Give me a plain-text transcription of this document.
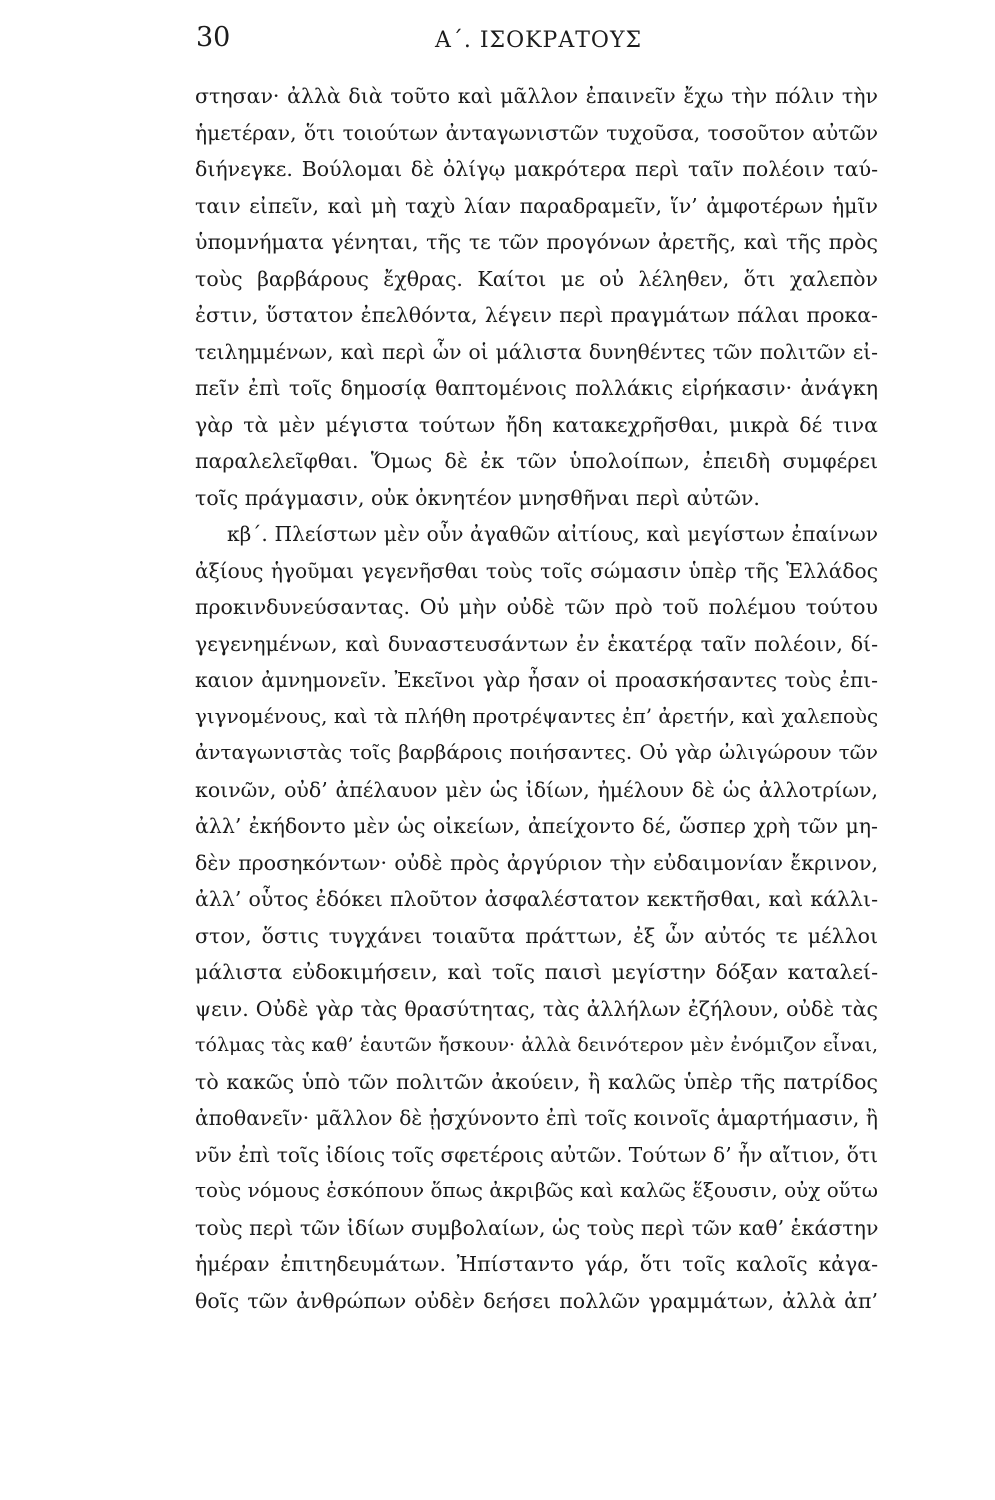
30	Α΄. ΙΣΟΚΡΑΤΟΥΣ
στησαν· ἀλλὰ διὰ τοῦτο καὶ μᾶλλον ἐπαινεῖν ἔχω τὴν πόλιν τὴν
ἡμετέραν, ὅτι τοιούτων ἀνταγωνιστῶν τυχοῦσα, τοσοῦτον αὐτῶν
διήνεγκε. Βούλομαι δὲ ὀλίγῳ μακρότερα περὶ ταῖν πολέοιν ταύ-
ταιν εἰπεῖν, καὶ μὴ ταχὺ λίαν παραδραμεῖν, ἵν’ ἀμφοτέρων ἡμῖν
ὑπομνήματα γένηται, τῆς τε τῶν προγόνων ἀρετῆς, καὶ τῆς πρὸς
τοὺς βαρβάρους ἔχθρας. Καίτοι με οὐ λέληθεν, ὅτι χαλεπὸν
ἐστιν, ὕστατον ἐπελθόντα, λέγειν περὶ πραγμάτων πάλαι προκα-
τειλημμένων, καὶ περὶ ὧν οἱ μάλιστα δυνηθέντες τῶν πολιτῶν εἰ-
πεῖν ἐπὶ τοῖς δημοσίᾳ θαπτομένοις πολλάκις εἰρήκασιν· ἀνάγκη
γὰρ τὰ μὲν μέγιστα τούτων ἤδη κατακεχρῆσθαι, μικρὰ δέ τινα
παραλελεῖφθαι. Ὅμως δὲ ἐκ τῶν ὑπολοίπων, ἐπειδὴ συμφέρει
τοῖς πράγμασιν, οὐκ ὀκνητέον μνησθῆναι περὶ αὐτῶν.
κβ΄. Πλείστων μὲν οὖν ἀγαθῶν αἰτίους, καὶ μεγίστων ἐπαίνων
ἀξίους ἡγοῦμαι γεγενῆσθαι τοὺς τοῖς σώμασιν ὑπὲρ τῆς Ἑλλάδος
προκινδυνεύσαντας. Οὐ μὴν οὐδὲ τῶν πρὸ τοῦ πολέμου τούτου
γεγενημένων, καὶ δυναστευσάντων ἐν ἑκατέρᾳ ταῖν πολέοιν, δί-
καιον ἀμνημονεῖν. Ἐκεῖνοι γὰρ ἦσαν οἱ προασκήσαντες τοὺς ἐπι-
γιγνομένους, καὶ τὰ πλήθη προτρέψαντες ἐπ’ ἀρετήν, καὶ χαλεποὺς
ἀνταγωνιστὰς τοῖς βαρβάροις ποιήσαντες. Οὐ γὰρ ὠλιγώρουν τῶν
κοινῶν, οὐδ’ ἀπέλαυον μὲν ὡς ἰδίων, ἠμέλουν δὲ ὡς ἀλλοτρίων,
ἀλλ’ ἐκήδοντο μὲν ὡς οἰκείων, ἀπείχοντο δέ, ὥσπερ χρὴ τῶν μη-
δὲν προσηκόντων· οὐδὲ πρὸς ἀργύριον τὴν εὐδαιμονίαν ἔκρινον,
ἀλλ’ οὗτος ἐδόκει πλοῦτον ἀσφαλέστατον κεκτῆσθαι, καὶ κάλλι-
στον, ὅστις τυγχάνει τοιαῦτα πράττων, ἐξ ὧν αὐτός τε μέλλοι
μάλιστα εὐδοκιμήσειν, καὶ τοῖς παισὶ μεγίστην δόξαν καταλεί-
ψειν. Οὐδὲ γὰρ τὰς θρασύτητας, τὰς ἀλλήλων ἐζήλουν, οὐδὲ τὰς
τόλμας τὰς καθ’ ἑαυτῶν ἤσκουν· ἀλλὰ δεινότερον μὲν ἐνόμιζον εἶναι,
τὸ κακῶς ὑπὸ τῶν πολιτῶν ἀκούειν, ἢ καλῶς ὑπὲρ τῆς πατρίδος
ἀποθανεῖν· μᾶλλον δὲ ᾐσχύνοντο ἐπὶ τοῖς κοινοῖς ἁμαρτήμασιν, ἢ
νῦν ἐπὶ τοῖς ἰδίοις τοῖς σφετέροις αὐτῶν. Τούτων δ’ ἦν αἴτιον, ὅτι
τοὺς νόμους ἐσκόπουν ὅπως ἀκριβῶς καὶ καλῶς ἕξουσιν, οὐχ οὕτω
τοὺς περὶ τῶν ἰδίων συμβολαίων, ὡς τοὺς περὶ τῶν καθ’ ἑκάστην
ἡμέραν ἐπιτηδευμάτων. Ἠπίσταντο γάρ, ὅτι τοῖς καλοῖς κἀγα-
θοῖς τῶν ἀνθρώπων οὐδὲν δεήσει πολλῶν γραμμάτων, ἀλλὰ ἀπ’
